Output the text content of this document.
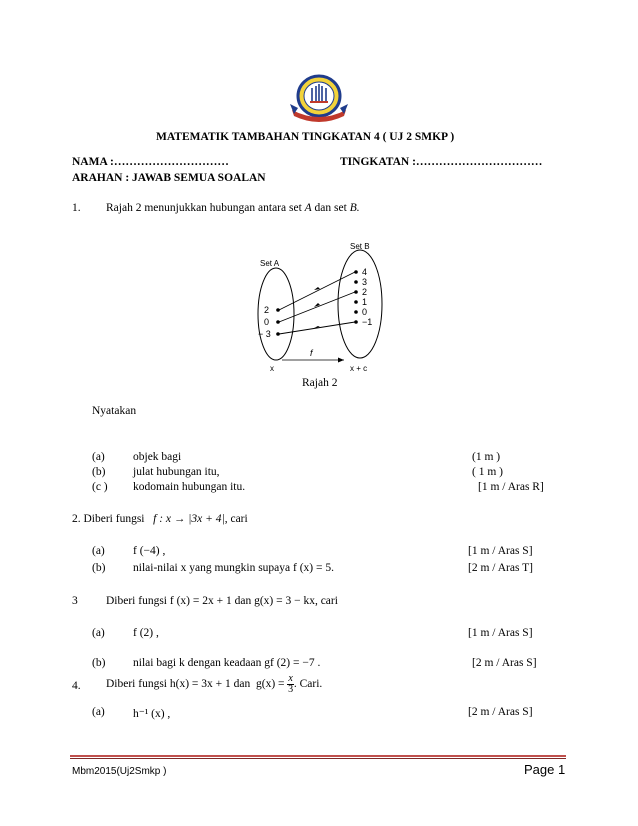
MATEMATIK TAMBAHAN TINGKATAN 4 ( UJ 2 SMKP )
NAMA :…………………………	TINGKATAN :……………………………
ARAHAN : JAWAB SEMUA SOALAN
1. Rajah 2 menunjukkan hubungan antara set A dan set B.
Set A
Set B
2
0
− 3
4
3
2
1
0
−1
f
x	x + c
Rajah 2
Nyatakan
(a) objek bagi	(1 m )
(b) julat hubungan itu,	( 1 m )
(c ) kodomain hubungan itu.	[1 m / Aras R]
2. Diberi fungsi f : x → |3x + 4|, cari
(a) f (−4) ,	[1 m / Aras S]
(b) nilai-nilai x yang mungkin supaya f (x) = 5.	[2 m / Aras T]
3 Diberi fungsi f (x) = 2x + 1 dan g(x) = 3 − kx, cari
(a) f (2) ,	[1 m / Aras S]
(b) nilai bagi k dengan keadaan gf (2) = −7 .	[2 m / Aras S]
4. Diberi fungsi h(x) = 3x + 1 dan $g(x) = \frac{x}{3}$ . Cari.
(a) h⁻¹ (x) ,	[2 m / Aras S]
Mbm2015(Uj2Smkp )	Page 1
